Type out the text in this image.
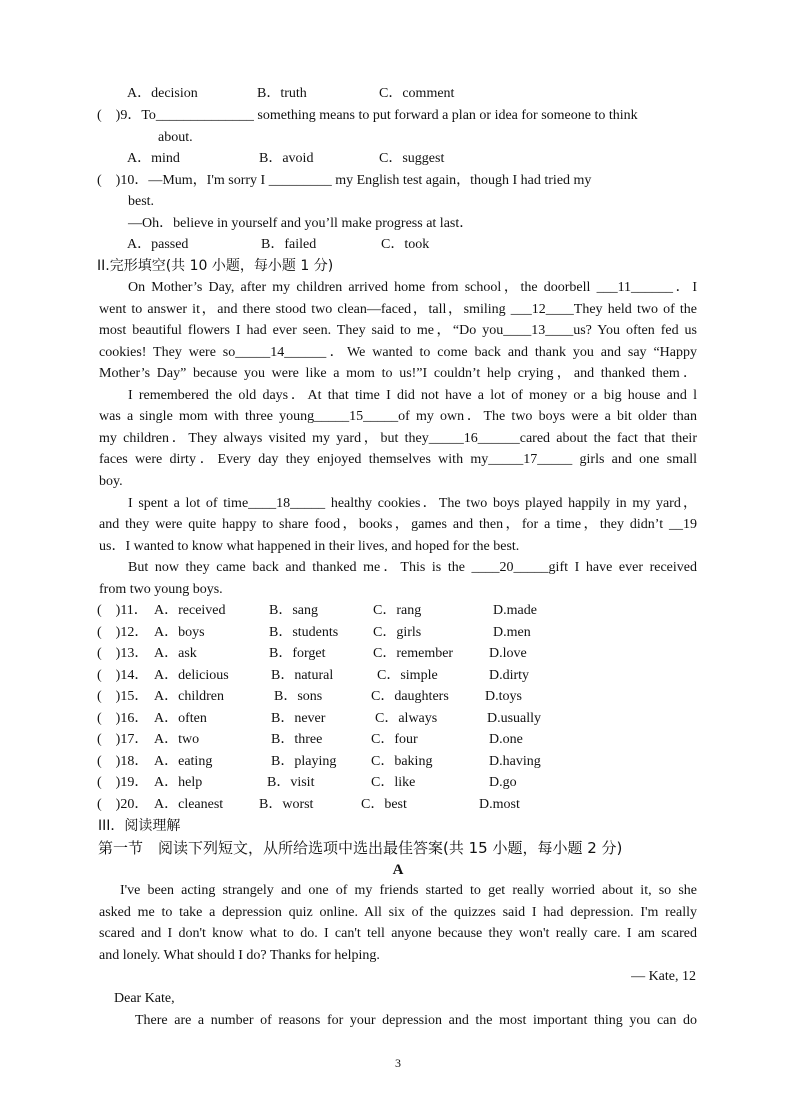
A．decision	B．truth	C．comment
(　)9．To______________ something means to put forward a plan or idea for someone to think
about.
A．mind	B．avoid	C．suggest
(　)10．—Mum，I'm sorry I _________ my English test again，though I had tried my
best.
—Oh．believe in yourself and you’ll make progress at last．
A．passed	B．failed	C．took
II.完形填空(共 10 小题，每小题 1 分)
On Mother’s Day, after my children arrived home from school，the doorbell ___11______．I
went to answer it，and there stood two clean—faced，tall，smiling ___12____They held two of the
most beautiful flowers I had ever seen. They said to me，“Do you____13____us? You often fed us
cookies! They were so_____14______．We wanted to come back and thank you and say “Happy
Mother’s Day” because you were like a mom to us!”I couldn’t help crying，and thanked them．
I remembered the old days．At that time I did not have a lot of money or a big house and l
was a single mom with three young_____15_____of my own．The two boys were a bit older than
my children．They always visited my yard，but they_____16______cared about the fact that their
faces were dirty．Every day they enjoyed themselves with my_____17_____ girls and one small
boy.
I spent a lot of time____18_____ healthy cookies．The two boys played happily in my yard，
and they were quite happy to share food，books，games and then，for a time，they didn’t __19
us．I wanted to know what happened in their lives, and hoped for the best.
But now they came back and thanked me．This is the ____20_____gift I have ever received
from two young boys.
(　)11． A．received	B．sang	C．rang	D.made
(　)12． A．boys	B．students C．girls	D.men
(　)13． A．ask	B．forget	C．remember	D.love
(　)14． A．delicious	B．natural	C．simple	D.dirty
(　)15． A．children	B．sons	C．daughters	D.toys
(　)16． A．often	B．never	C．always	D.usually
(　)17． A．two	B．three	C．four	D.one
(　)18． A．eating	B．playing C．baking	D.having
(　)19． A．help	B．visit	C．like	D.go
(　)20． A．cleanest	B．worst	C．best	D.most
III．阅读理解
第一节　阅读下列短文，从所给选项中选出最佳答案(共 15 小题，每小题 2 分)
A
I've been acting strangely and one of my friends started to get really worried about it, so she
asked me to take a depression quiz online. All six of the quizzes said I had depression. I'm really
scared and I don't know what to do. I can't tell anyone because they won't really care. I am scared
and lonely. What should I do? Thanks for helping.
— Kate, 12
Dear Kate,
There are a number of reasons for your depression and the most important thing you can do
3
